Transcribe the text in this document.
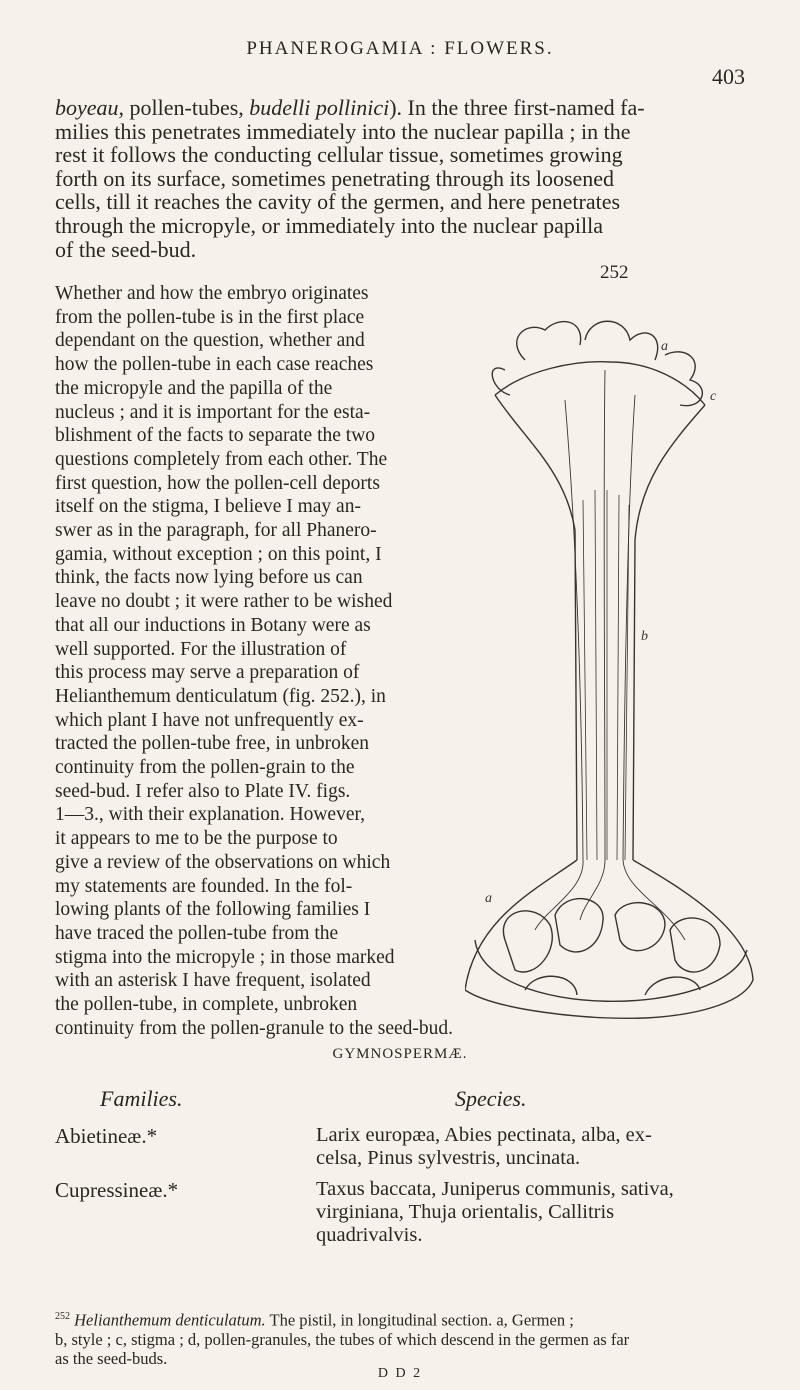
PHANEROGAMIA : FLOWERS.
403

boyeau, pollen-tubes, budelli pollinici). In the three first-named fa-
milies this penetrates immediately into the nuclear papilla ; in the
rest it follows the conducting cellular tissue, sometimes growing
forth on its surface, sometimes penetrating through its loosened
cells, till it reaches the cavity of the germen, and here penetrates
through the micropyle, or immediately into the nuclear papilla
of the seed-bud.

252
a
c
b
a

Whether and how the embryo originates
from the pollen-tube is in the first place
dependant on the question, whether and
how the pollen-tube in each case reaches
the micropyle and the papilla of the
nucleus ; and it is important for the esta-
blishment of the facts to separate the two
questions completely from each other. The
first question, how the pollen-cell deports
itself on the stigma, I believe I may an-
swer as in the paragraph, for all Phanero-
gamia, without exception ; on this point, I
think, the facts now lying before us can
leave no doubt ; it were rather to be wished
that all our inductions in Botany were as
well supported. For the illustration of
this process may serve a preparation of
Helianthemum denticulatum (fig. 252.), in
which plant I have not unfrequently ex-
tracted the pollen-tube free, in unbroken
continuity from the pollen-grain to the
seed-bud. I refer also to Plate IV. figs.
1—3., with their explanation. However,
it appears to me to be the purpose to
give a review of the observations on which
my statements are founded. In the fol-
lowing plants of the following families I
have traced the pollen-tube from the
stigma into the micropyle ; in those marked
with an asterisk I have frequent, isolated
the pollen-tube, in complete, unbroken
continuity from the pollen-granule to the seed-bud.

GYMNOSPERMÆ.
Families.	Species.
Abietineæ.*	Larix europæa, Abies pectinata, alba, ex-
celsa, Pinus sylvestris, uncinata.
Cupressineæ.*	Taxus baccata, Juniperus communis, sativa,
virginiana, Thuja orientalis, Callitris
quadrivalvis.
$^{252}$ Helianthemum denticulatum. The pistil, in longitudinal section. a, Germen ;
b, style ; c, stigma ; d, pollen-granules, the tubes of which descend in the germen as far
as the seed-buds.
D D 2
